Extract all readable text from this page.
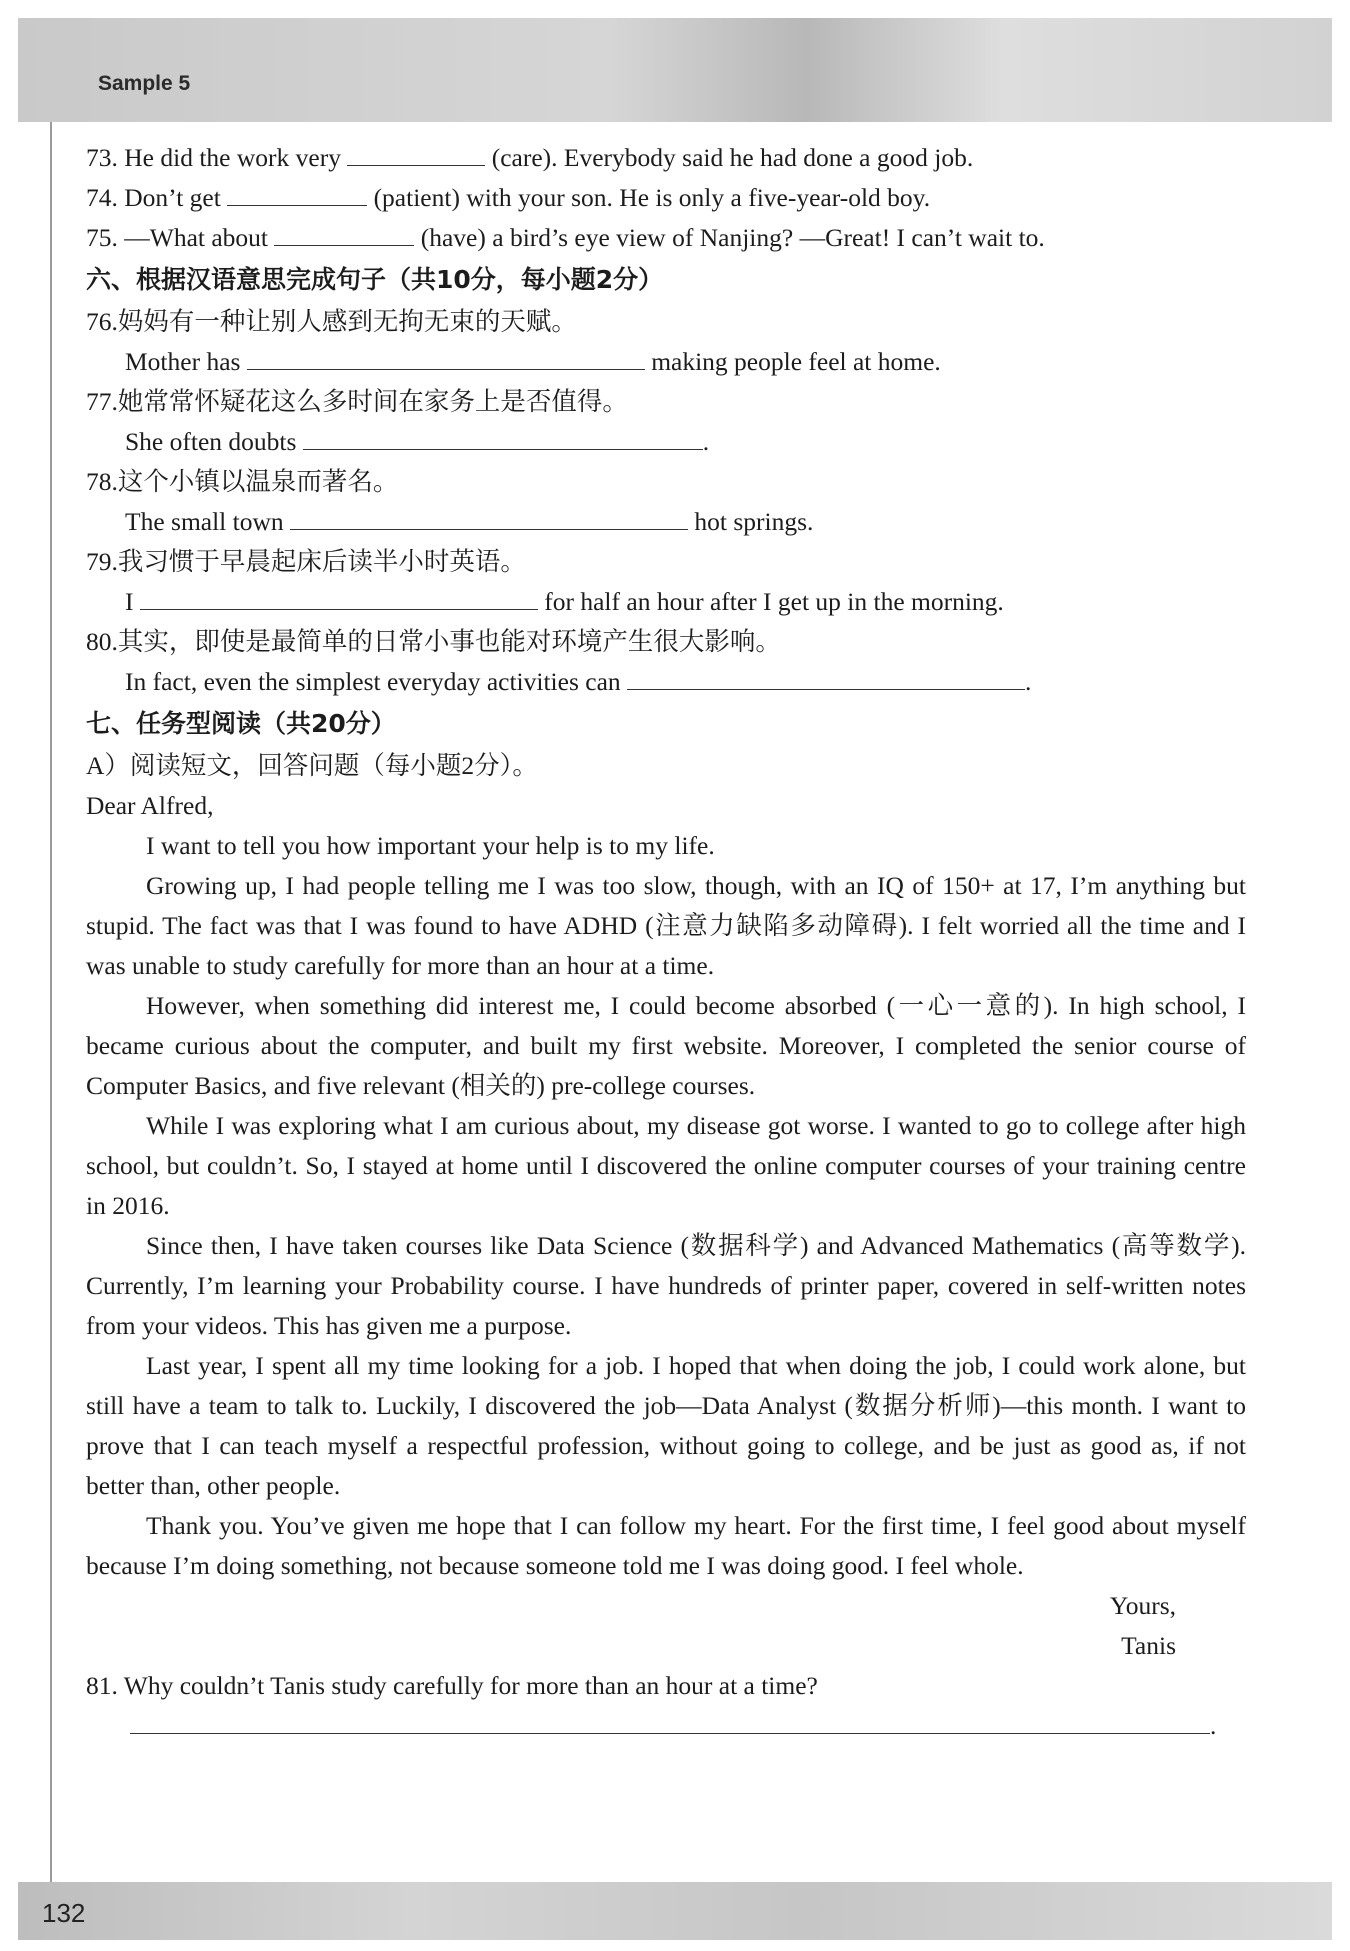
Sample 5
73. He did the work very	(care). Everybody said he had done a good job.
74. Don’t get	(patient) with your son. He is only a five-year-old boy.
75. —What about	(have) a bird’s eye view of Nanjing? —Great! I can’t wait to.
六、根据汉语意思完成句子（共10分，每小题2分）
76.妈妈有一种让别人感到无拘无束的天赋。
Mother has	making people feel at home.
77.她常常怀疑花这么多时间在家务上是否值得。
She often doubts	.
78.这个小镇以温泉而著名。
The small town	hot springs.
79.我习惯于早晨起床后读半小时英语。
I	for half an hour after I get up in the morning.
80.其实，即使是最简单的日常小事也能对环境产生很大影响。
In fact, even the simplest everyday activities can	.
七、任务型阅读（共20分）
A）阅读短文，回答问题（每小题2分）。
Dear Alfred,

I want to tell you how important your help is to my life.

Growing up, I had people telling me I was too slow, though, with an IQ of 150+ at 17, I’m anything but stupid. The fact was that I was found to have ADHD (注意力缺陷多动障碍). I felt worried all the time and I was unable to study carefully for more than an hour at a time.

However, when something did interest me, I could become absorbed (一心一意的). In high school, I became curious about the computer, and built my first website. Moreover, I completed the senior course of Computer Basics, and five relevant (相关的) pre-college courses.

While I was exploring what I am curious about, my disease got worse. I wanted to go to college after high school, but couldn’t. So, I stayed at home until I discovered the online computer courses of your training centre in 2016.

Since then, I have taken courses like Data Science (数据科学) and Advanced Mathematics (高等数学). Currently, I’m learning your Probability course. I have hundreds of printer paper, covered in self-written notes from your videos. This has given me a purpose.

Last year, I spent all my time looking for a job. I hoped that when doing the job, I could work alone, but still have a team to talk to. Luckily, I discovered the job—Data Analyst (数据分析师)—this month. I want to prove that I can teach myself a respectful profession, without going to college, and be just as good as, if not better than, other people.

Thank you. You’ve given me hope that I can follow my heart. For the first time, I feel good about myself because I’m doing something, not because someone told me I was doing good. I feel whole.

Yours,
Tanis
81. Why couldn’t Tanis study carefully for more than an hour at a time?
.
132
